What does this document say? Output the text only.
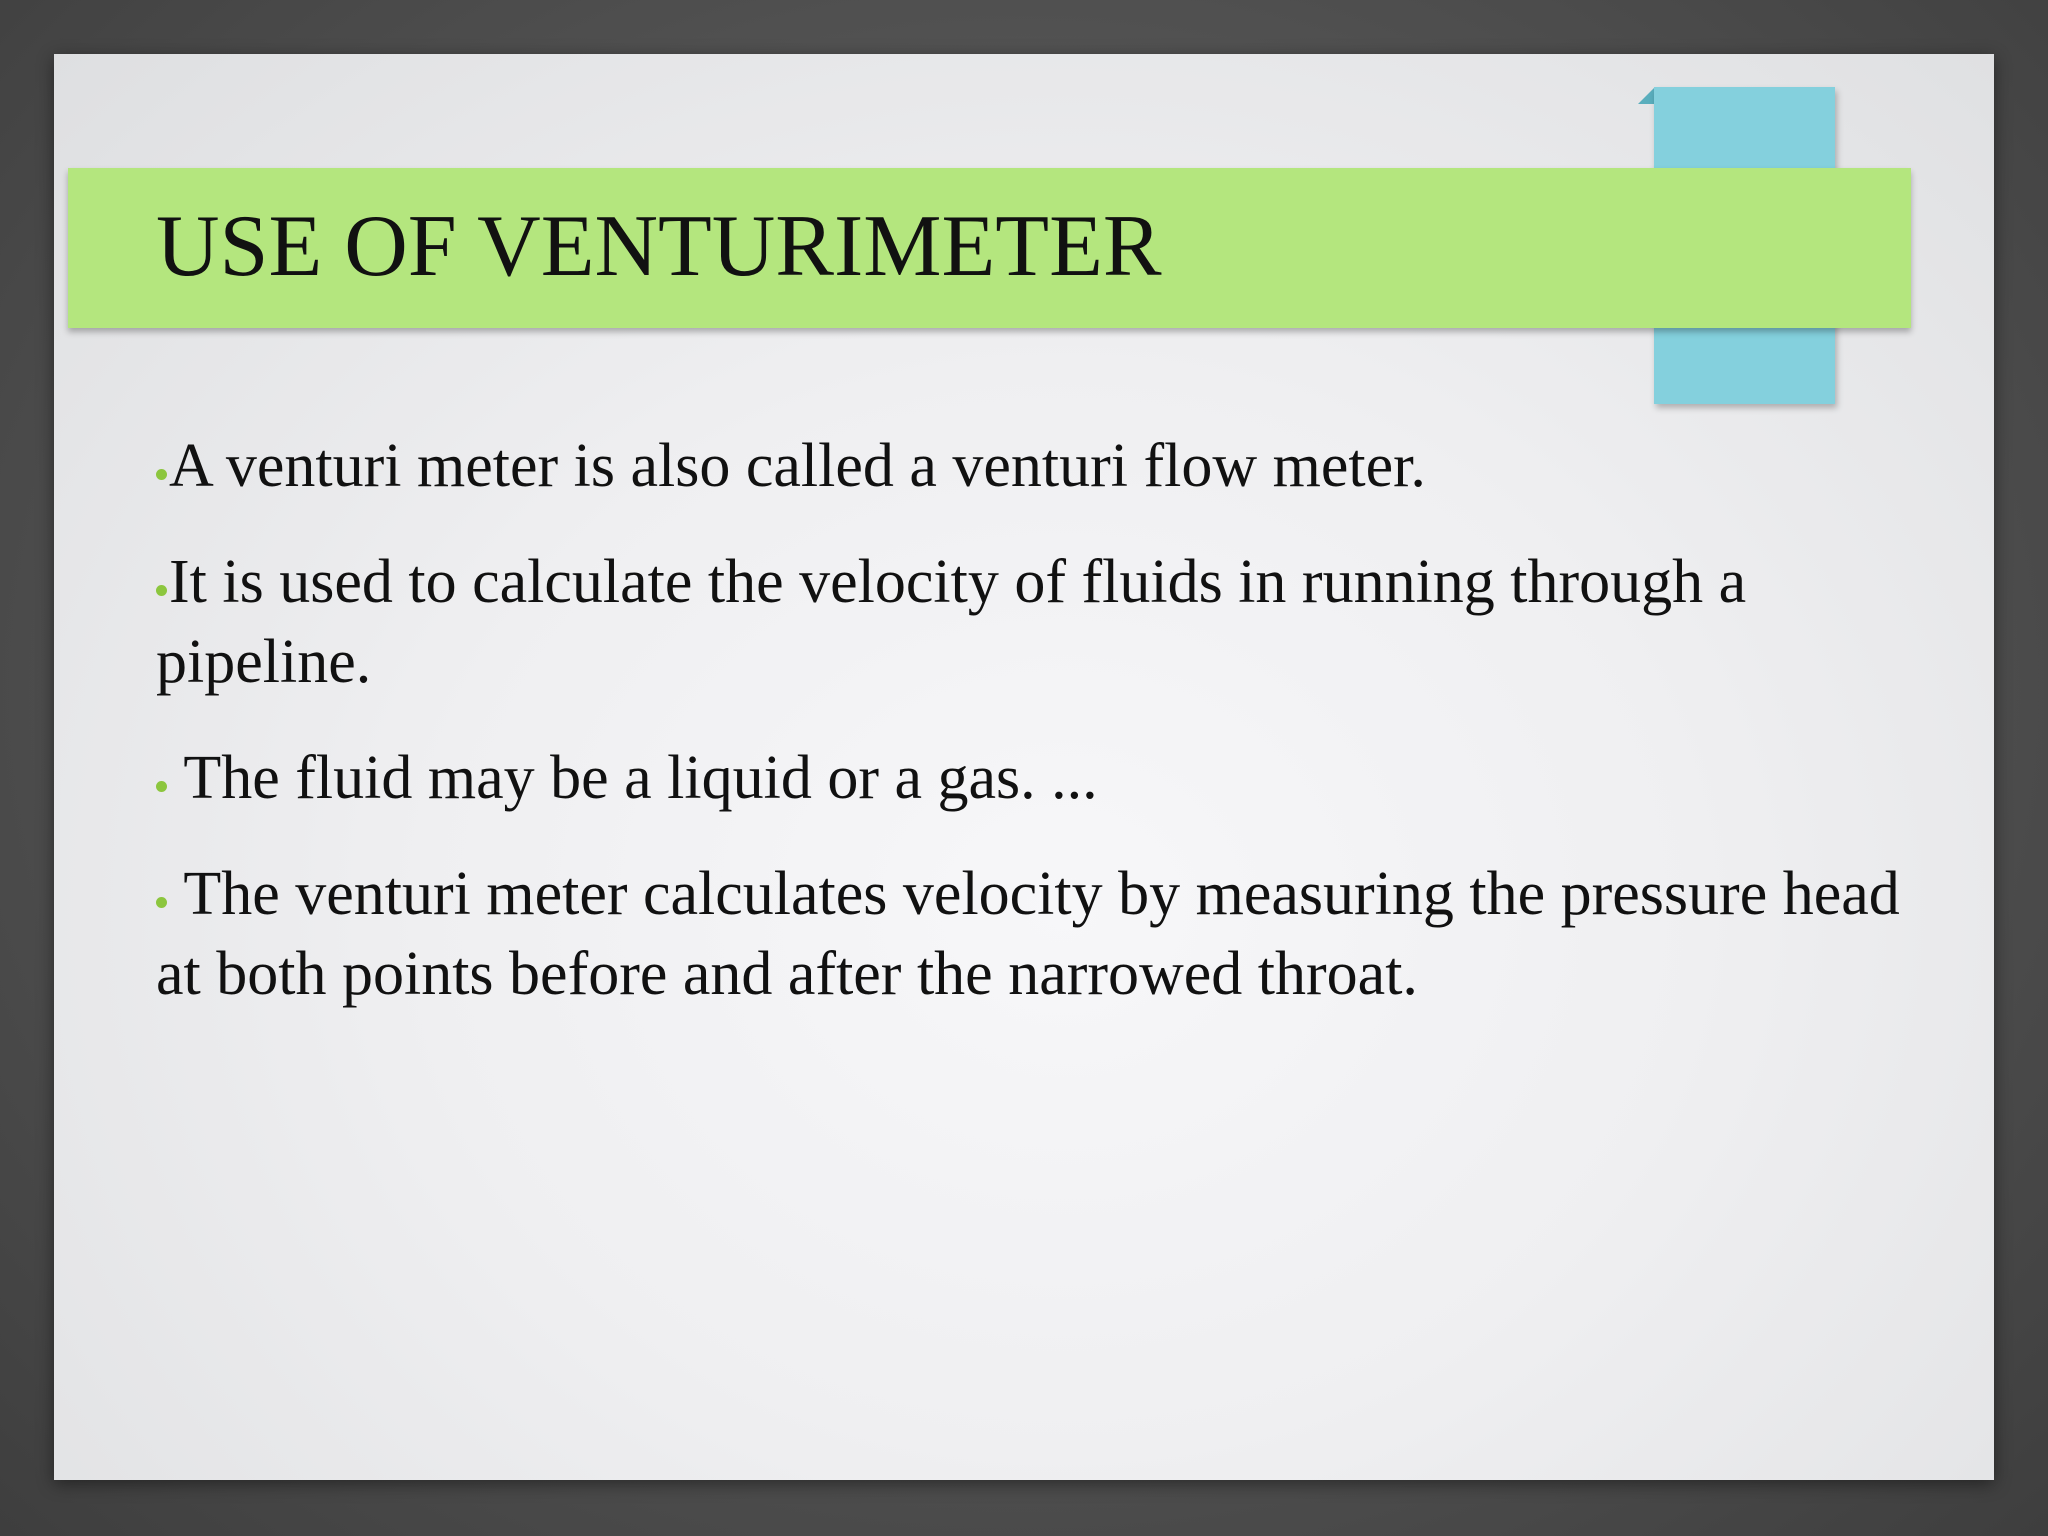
USE OF VENTURIMETER

A venturi meter is also called a venturi flow meter.

It is used to calculate the velocity of fluids in running through a pipeline.

The fluid may be a liquid or a gas. ...

The venturi meter calculates velocity by measuring the pressure head at both points before and after the narrowed throat.
